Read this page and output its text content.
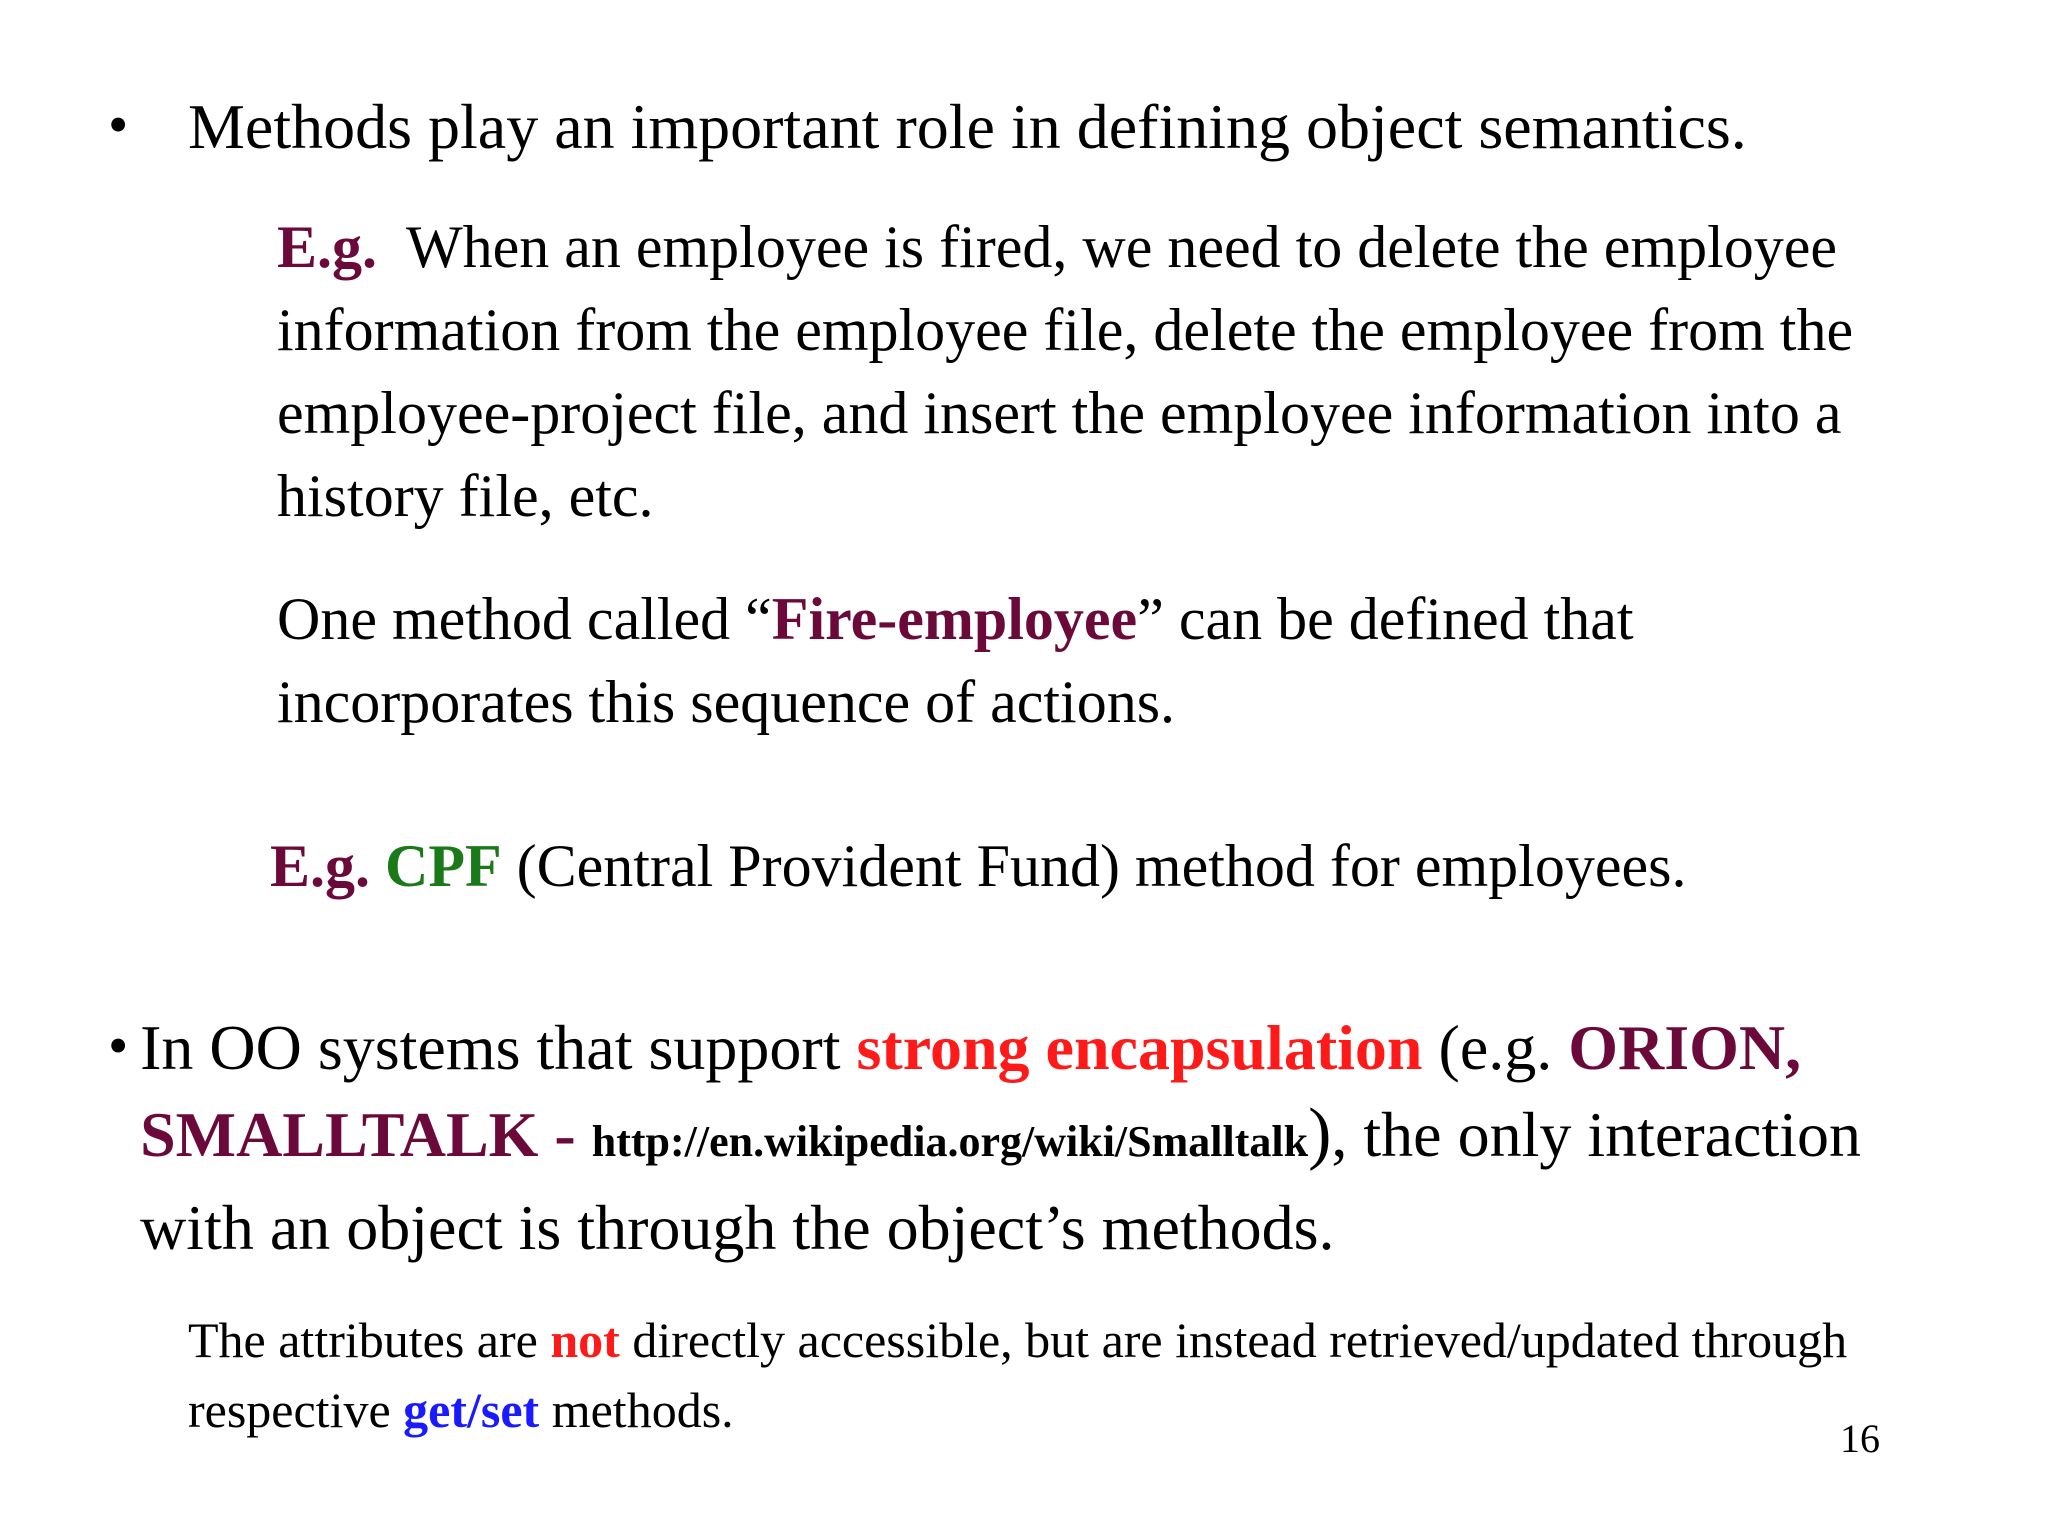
• Methods play an important role in defining object semantics.
E.g. When an employee is fired, we need to delete the employee information from the employee file, delete the employee from the employee-project file, and insert the employee information into a history file, etc.
One method called “Fire-employee” can be defined that incorporates this sequence of actions.
E.g. CPF (Central Provident Fund) method for employees.
• In OO systems that support strong encapsulation (e.g. ORION, SMALLTALK - http://en.wikipedia.org/wiki/Smalltalk), the only interaction with an object is through the object’s methods.
The attributes are not directly accessible, but are instead retrieved/updated through respective get/set methods.
16
